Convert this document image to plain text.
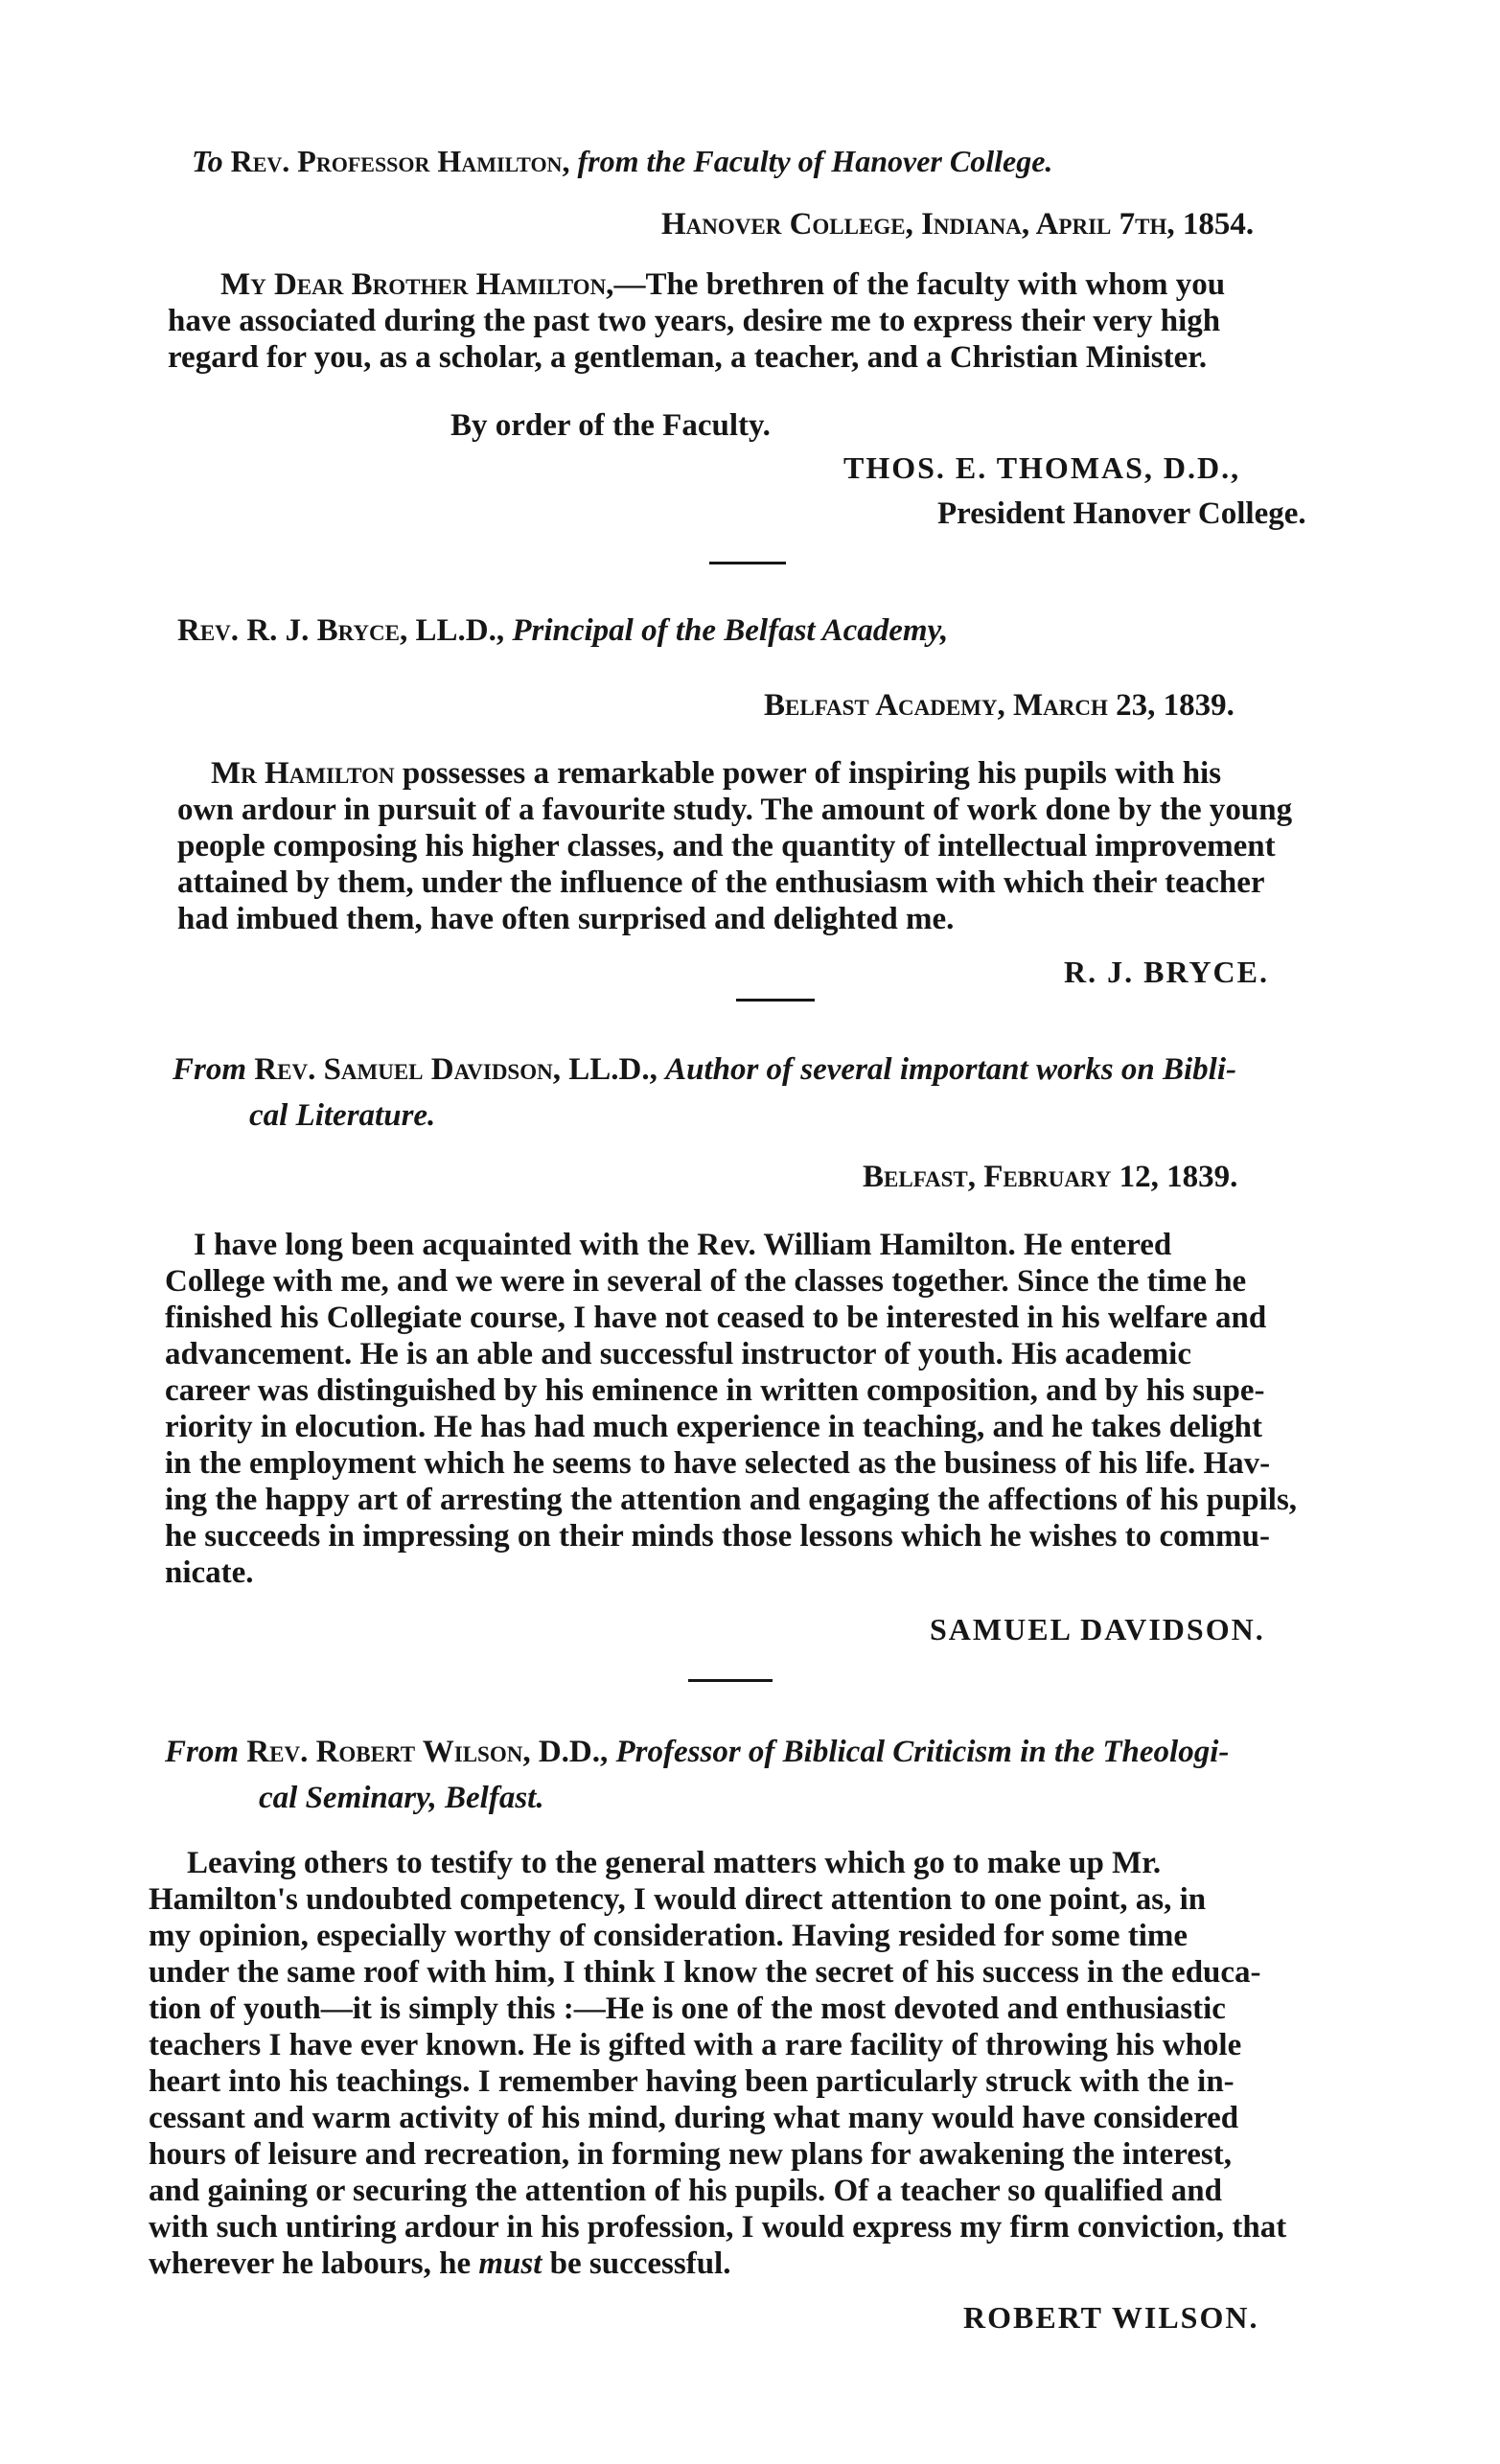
To Rev. Professor Hamilton, from the Faculty of Hanover College.
Hanover College, Indiana, April 7th, 1854.
My Dear Brother Hamilton,—The brethren of the faculty with whom you
have associated during the past two years, desire me to express their very high
regard for you, as a scholar, a gentleman, a teacher, and a Christian Minister.
By order of the Faculty.
THOS. E. THOMAS, D.D.,
President Hanover College.
Rev. R. J. Bryce, LL.D., Principal of the Belfast Academy,
Belfast Academy, March 23, 1839.
Mr Hamilton possesses a remarkable power of inspiring his pupils with his
own ardour in pursuit of a favourite study. The amount of work done by the young
people composing his higher classes, and the quantity of intellectual improvement
attained by them, under the influence of the enthusiasm with which their teacher
had imbued them, have often surprised and delighted me.
R. J. BRYCE.
From Rev. Samuel Davidson, LL.D., Author of several important works on Bibli-
cal Literature.
Belfast, February 12, 1839.
I have long been acquainted with the Rev. William Hamilton. He entered
College with me, and we were in several of the classes together. Since the time he
finished his Collegiate course, I have not ceased to be interested in his welfare and
advancement. He is an able and successful instructor of youth. His academic
career was distinguished by his eminence in written composition, and by his supe-
riority in elocution. He has had much experience in teaching, and he takes delight
in the employment which he seems to have selected as the business of his life. Hav-
ing the happy art of arresting the attention and engaging the affections of his pupils,
he succeeds in impressing on their minds those lessons which he wishes to commu-
nicate.
SAMUEL DAVIDSON.
From Rev. Robert Wilson, D.D., Professor of Biblical Criticism in the Theologi-
cal Seminary, Belfast.
Leaving others to testify to the general matters which go to make up Mr.
Hamilton's undoubted competency, I would direct attention to one point, as, in
my opinion, especially worthy of consideration. Having resided for some time
under the same roof with him, I think I know the secret of his success in the educa-
tion of youth—it is simply this :—He is one of the most devoted and enthusiastic
teachers I have ever known. He is gifted with a rare facility of throwing his whole
heart into his teachings. I remember having been particularly struck with the in-
cessant and warm activity of his mind, during what many would have considered
hours of leisure and recreation, in forming new plans for awakening the interest,
and gaining or securing the attention of his pupils. Of a teacher so qualified and
with such untiring ardour in his profession, I would express my firm conviction, that
wherever he labours, he must be successful.
ROBERT WILSON.
